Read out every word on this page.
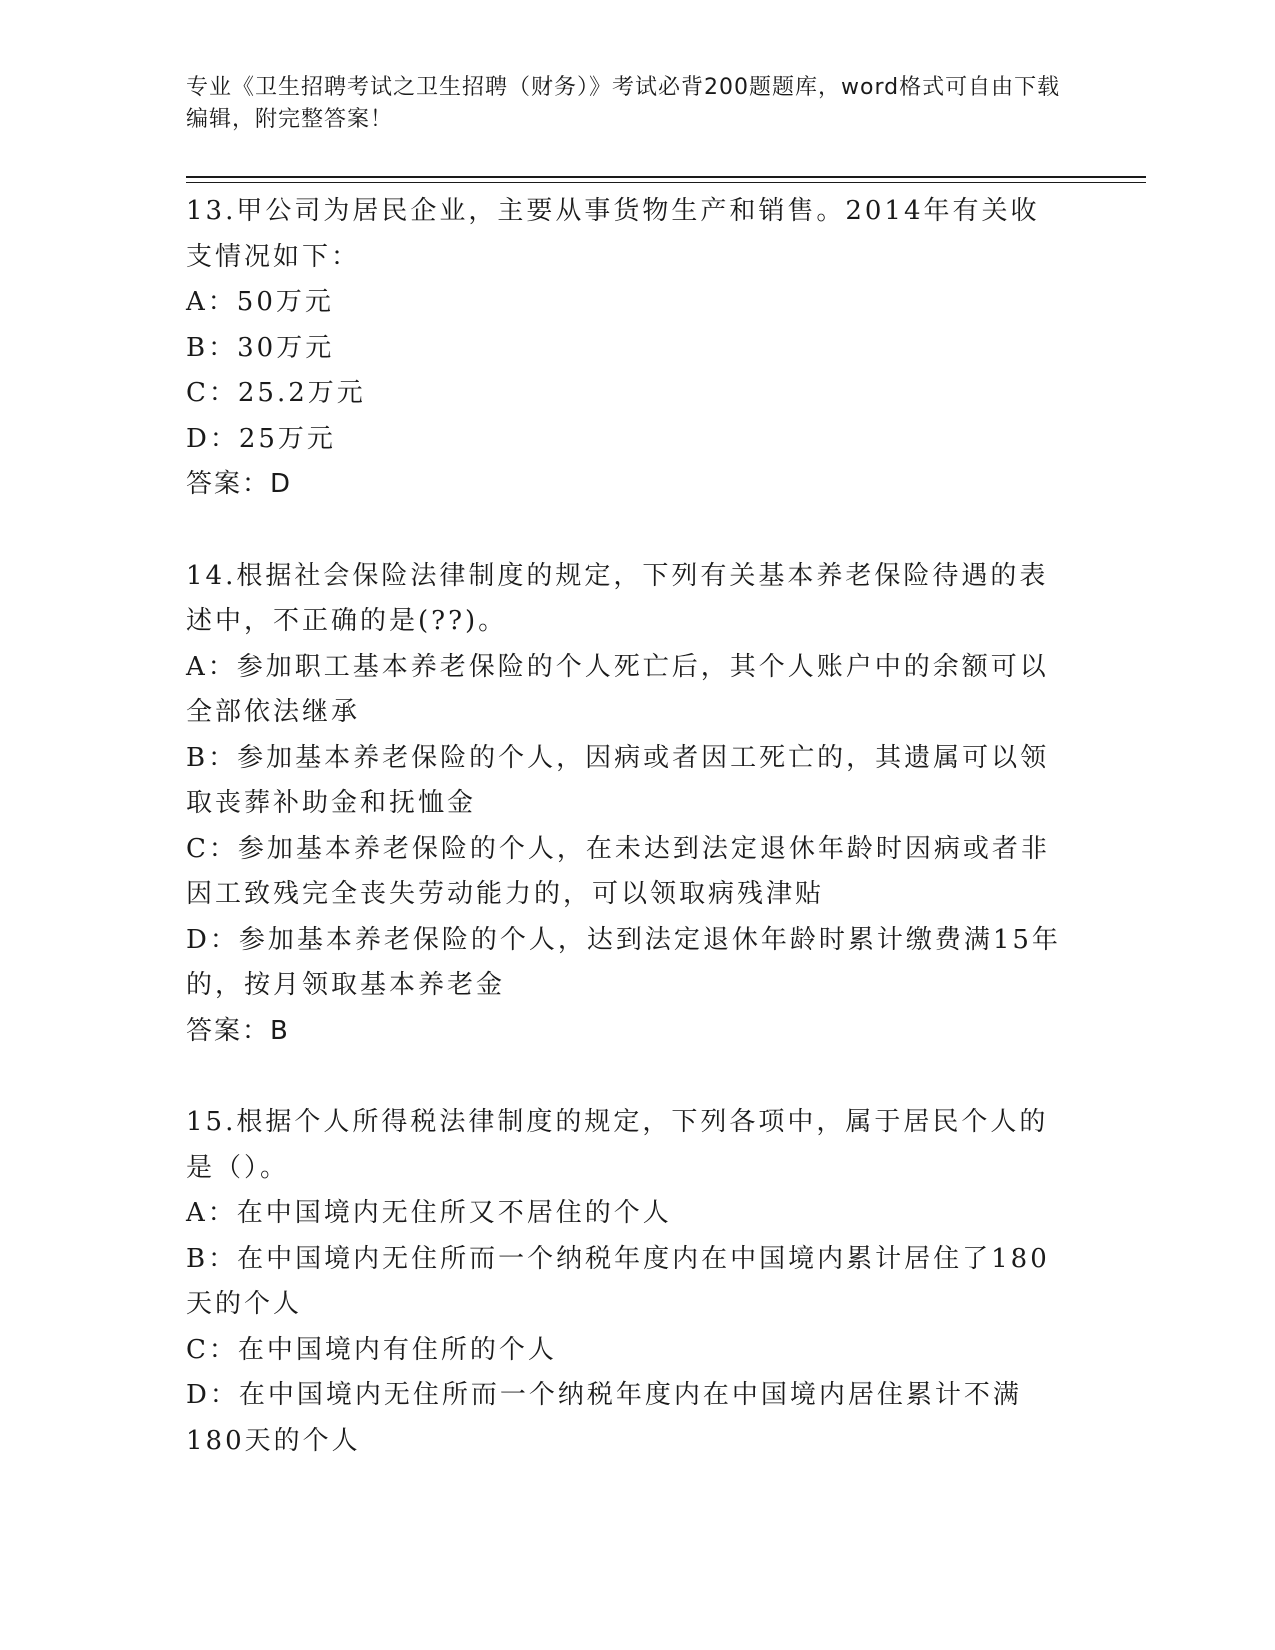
专业《卫生招聘考试之卫生招聘（财务）》考试必背200题题库，word格式可自由下载编辑，附完整答案！

13.甲公司为居民企业，主要从事货物生产和销售。2014年有关收支情况如下：

A：50万元

B：30万元

C：25.2万元

D：25万元

答案：D

14.根据社会保险法律制度的规定，下列有关基本养老保险待遇的表述中，不正确的是(??)。

A：参加职工基本养老保险的个人死亡后，其个人账户中的余额可以全部依法继承

B：参加基本养老保险的个人，因病或者因工死亡的，其遗属可以领取丧葬补助金和抚恤金

C：参加基本养老保险的个人，在未达到法定退休年龄时因病或者非因工致残完全丧失劳动能力的，可以领取病残津贴

D：参加基本养老保险的个人，达到法定退休年龄时累计缴费满15年的，按月领取基本养老金

答案：B

15.根据个人所得税法律制度的规定，下列各项中，属于居民个人的是（）。

A：在中国境内无住所又不居住的个人

B：在中国境内无住所而一个纳税年度内在中国境内累计居住了180天的个人

C：在中国境内有住所的个人

D：在中国境内无住所而一个纳税年度内在中国境内居住累计不满180天的个人
